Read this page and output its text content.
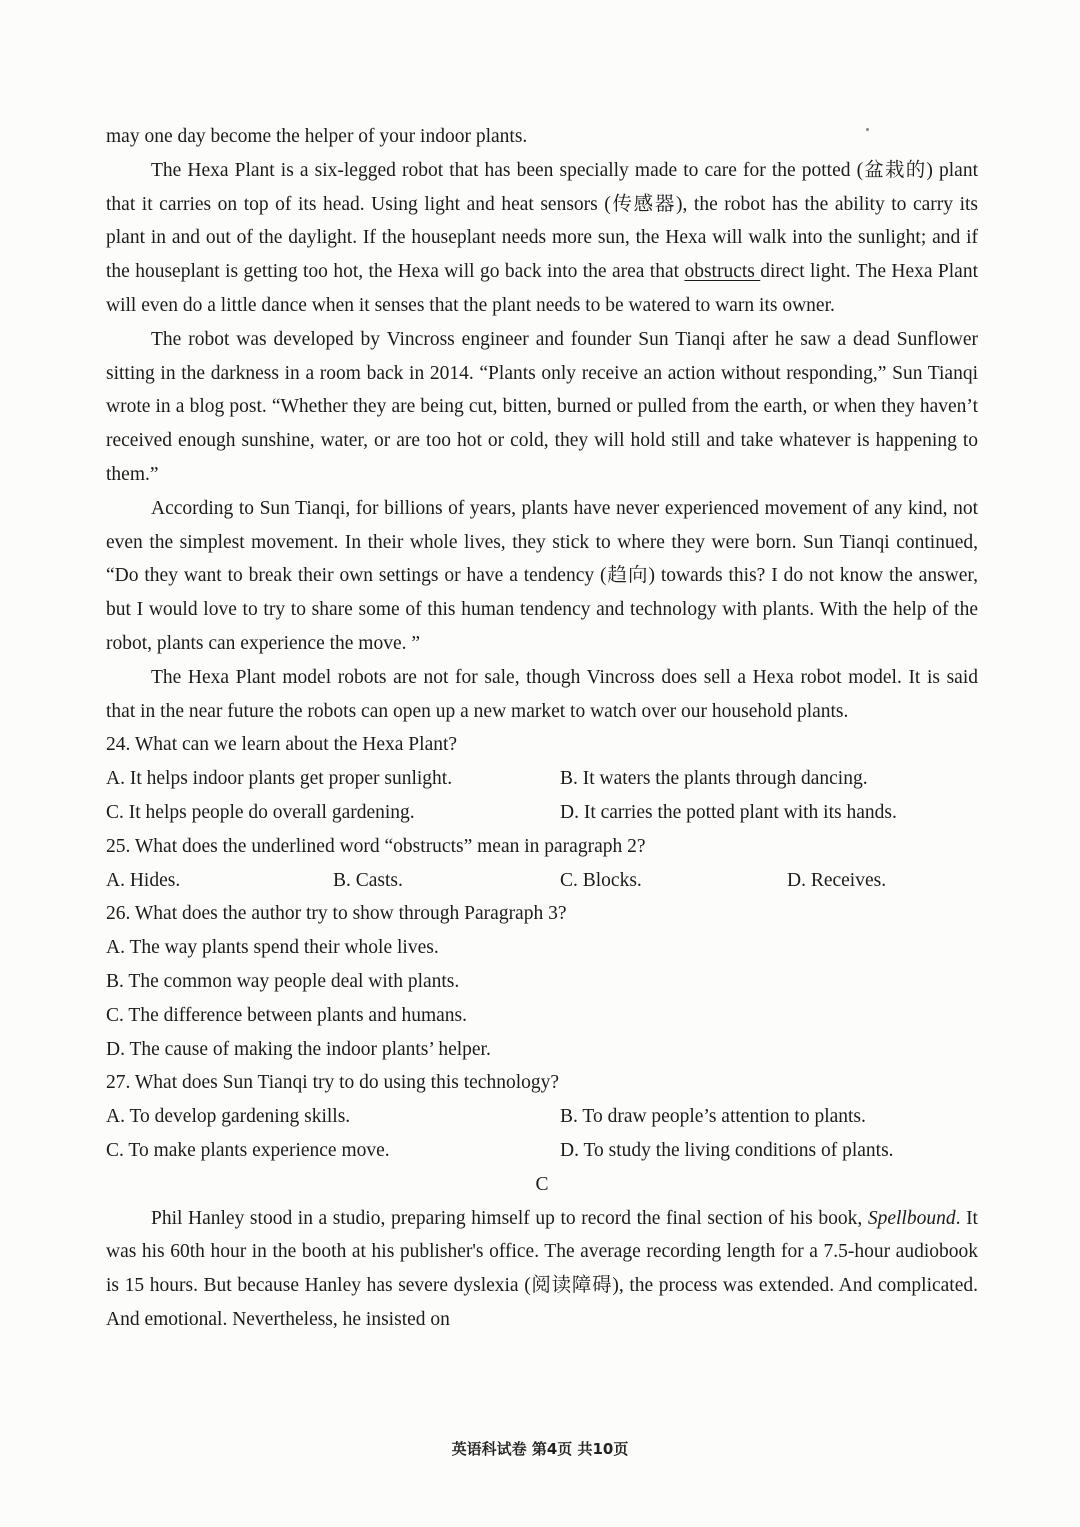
may one day become the helper of your indoor plants.

The Hexa Plant is a six-legged robot that has been specially made to care for the potted (盆栽的) plant that it carries on top of its head. Using light and heat sensors (传感器), the robot has the ability to carry its plant in and out of the daylight. If the houseplant needs more sun, the Hexa will walk into the sunlight; and if the houseplant is getting too hot, the Hexa will go back into the area that obstructs direct light. The Hexa Plant will even do a little dance when it senses that the plant needs to be watered to warn its owner.

The robot was developed by Vincross engineer and founder Sun Tianqi after he saw a dead Sunflower sitting in the darkness in a room back in 2014. “Plants only receive an action without responding,” Sun Tianqi wrote in a blog post. “Whether they are being cut, bitten, burned or pulled from the earth, or when they haven’t received enough sunshine, water, or are too hot or cold, they will hold still and take whatever is happening to them.”

According to Sun Tianqi, for billions of years, plants have never experienced movement of any kind, not even the simplest movement. In their whole lives, they stick to where they were born. Sun Tianqi continued, “Do they want to break their own settings or have a tendency (趋向) towards this? I do not know the answer, but I would love to try to share some of this human tendency and technology with plants. With the help of the robot, plants can experience the move. ”

The Hexa Plant model robots are not for sale, though Vincross does sell a Hexa robot model. It is said that in the near future the robots can open up a new market to watch over our household plants.

24. What can we learn about the Hexa Plant?

A. It helps indoor plants get proper sunlight.	B. It waters the plants through dancing.
C. It helps people do overall gardening.	D. It carries the potted plant with its hands.

25. What does the underlined word “obstructs” mean in paragraph 2?

A. Hides.	B. Casts.	C. Blocks.	D. Receives.

26. What does the author try to show through Paragraph 3?

A. The way plants spend their whole lives.

B. The common way people deal with plants.

C. The difference between plants and humans.

D. The cause of making the indoor plants’ helper.

27. What does Sun Tianqi try to do using this technology?

A. To develop gardening skills.	B. To draw people’s attention to plants.
C. To make plants experience move.	D. To study the living conditions of plants.
C

Phil Hanley stood in a studio, preparing himself up to record the final section of his book, Spellbound. It was his 60th hour in the booth at his publisher's office. The average recording length for a 7.5-hour audiobook is 15 hours. But because Hanley has severe dyslexia (阅读障碍), the process was extended. And complicated. And emotional. Nevertheless, he insisted on

英语科试卷 第4页 共10页
